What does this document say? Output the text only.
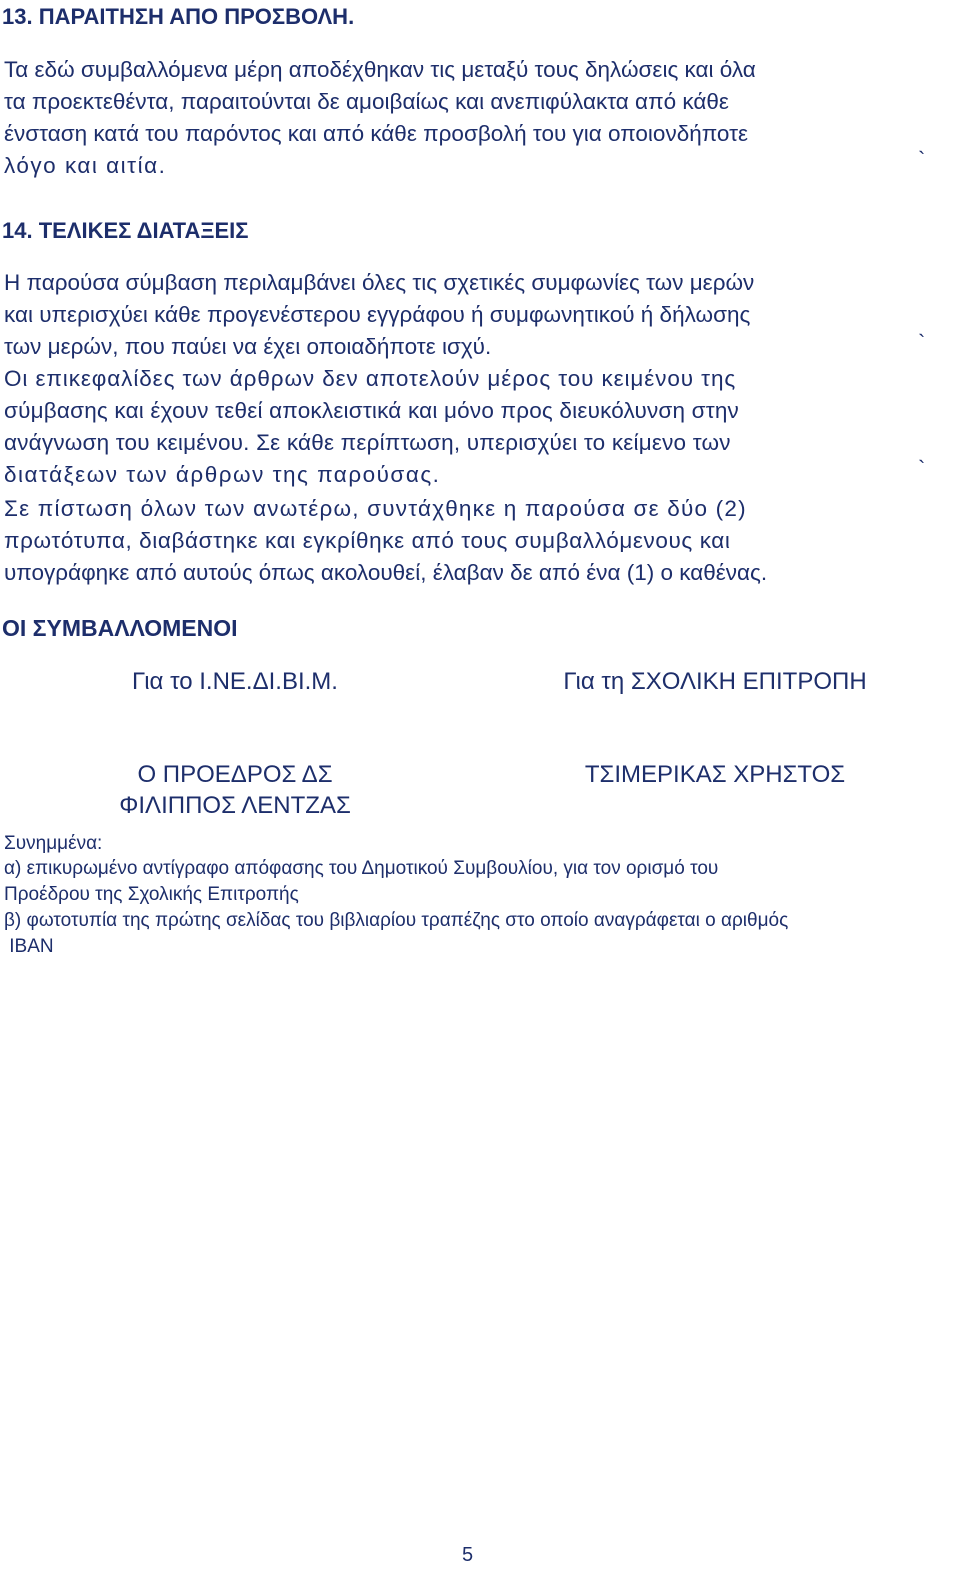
13. ΠΑΡΑΙΤΗΣΗ ΑΠΟ ΠΡΟΣΒΟΛΗ.
Τα εδώ συμβαλλόμενα μέρη αποδέχθηκαν τις μεταξύ τους δηλώσεις και όλα
τα προεκτεθέντα, παραιτούνται δε αμοιβαίως και ανεπιφύλακτα από κάθε
ένσταση κατά του παρόντος και από κάθε προσβολή του για οποιονδήποτε
λόγο και αιτία.	`
14. ΤΕΛΙΚΕΣ ΔΙΑΤΑΞΕΙΣ
Η παρούσα σύμβαση περιλαμβάνει όλες τις σχετικές συμφωνίες των μερών
και υπερισχύει κάθε προγενέστερου εγγράφου ή συμφωνητικού ή δήλωσης
των μερών, που παύει να έχει οποιαδήποτε ισχύ.	`
Οι επικεφαλίδες των άρθρων δεν αποτελούν μέρος του κειμένου της
σύμβασης και έχουν τεθεί αποκλειστικά και μόνο προς διευκόλυνση στην
ανάγνωση του κειμένου. Σε κάθε περίπτωση, υπερισχύει το κείμενο των
διατάξεων των άρθρων της παρούσας.	`
Σε πίστωση όλων των ανωτέρω, συντάχθηκε η παρούσα σε δύο (2)
πρωτότυπα, διαβάστηκε και εγκρίθηκε από τους συμβαλλόμενους και
υπογράφηκε από αυτούς όπως ακολουθεί, έλαβαν δε από ένα (1) ο καθένας.
ΟΙ ΣΥΜΒΑΛΛΟΜΕΝΟΙ
Για το Ι.ΝΕ.ΔΙ.ΒΙ.Μ.	Για τη ΣΧΟΛΙΚΗ ΕΠΙΤΡΟΠΗ
Ο ΠΡΟΕΔΡΟΣ ΔΣ	ΤΣΙΜΕΡΙΚΑΣ ΧΡΗΣΤΟΣ
ΦΙΛΙΠΠΟΣ ΛΕΝΤΖΑΣ
Συνημμένα:
α) επικυρωμένο αντίγραφο απόφασης του Δημοτικού Συμβουλίου, για τον ορισμό του
Προέδρου της Σχολικής Επιτροπής
β) φωτοτυπία της πρώτης σελίδας του βιβλιαρίου τραπέζης στο οποίο αναγράφεται ο αριθμός
IBAN
5
